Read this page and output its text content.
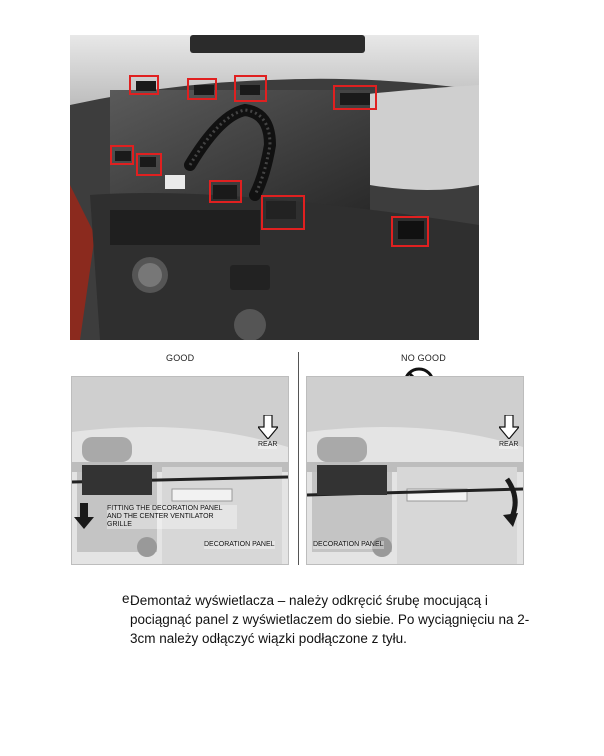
GOOD	NO GOOD
REAR
FITTING THE DECORATION PANEL AND THE CENTER VENTILATOR GRILLE
DECORATION PANEL
REAR
DECORATION PANEL
e.
Demontaż wyświetlacza – należy odkręcić śrubę mocującą i pociągnąć panel z wyświetlaczem do siebie. Po wyciągnięciu na 2-3cm należy odłączyć wiązki podłączone z tyłu.
